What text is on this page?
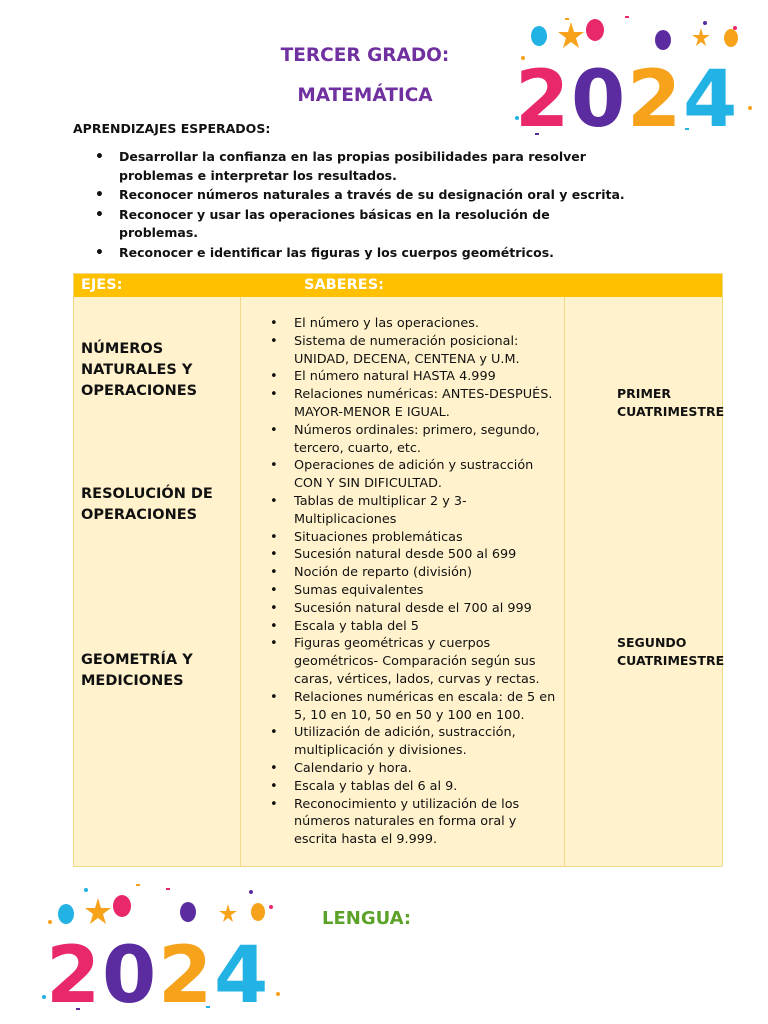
TERCER GRADO:
MATEMÁTICA
APRENDIZAJES ESPERADOS:
• Desarrollar la confianza en las propias posibilidades para resolver problemas e interpretar los resultados.
• Reconocer números naturales a través de su designación oral y escrita.
• Reconocer y usar las operaciones básicas en la resolución de problemas.
• Reconocer e identificar las figuras y los cuerpos geométricos.
EJES:	SABERES:
NÚMEROS NATURALES Y OPERACIONES
RESOLUCIÓN DE OPERACIONES
GEOMETRÍA Y MEDICIONES
• El número y las operaciones.
• Sistema de numeración posicional: UNIDAD, DECENA, CENTENA y U.M.
• El número natural HASTA 4.999
• Relaciones numéricas: ANTES-DESPUÉS. MAYOR-MENOR E IGUAL.
• Números ordinales: primero, segundo, tercero, cuarto, etc.
• Operaciones de adición y sustracción CON Y SIN DIFICULTAD.
• Tablas de multiplicar 2 y 3- Multiplicaciones
• Situaciones problemáticas
• Sucesión natural desde 500 al 699
• Noción de reparto (división)
• Sumas equivalentes
• Sucesión natural desde el 700 al 999
• Escala y tabla del 5
• Figuras geométricas y cuerpos geométricos- Comparación según sus caras, vértices, lados, curvas y rectas.
• Relaciones numéricas en escala: de 5 en 5, 10 en 10, 50 en 50 y 100 en 100.
• Utilización de adición, sustracción, multiplicación y divisiones.
• Calendario y hora.
• Escala y tablas del 6 al 9.
• Reconocimiento y utilización de los números naturales en forma oral y escrita hasta el 9.999.
PRIMER CUATRIMESTRE
SEGUNDO CUATRIMESTRE
LENGUA:
2 0 2 4
2 0 2 4
